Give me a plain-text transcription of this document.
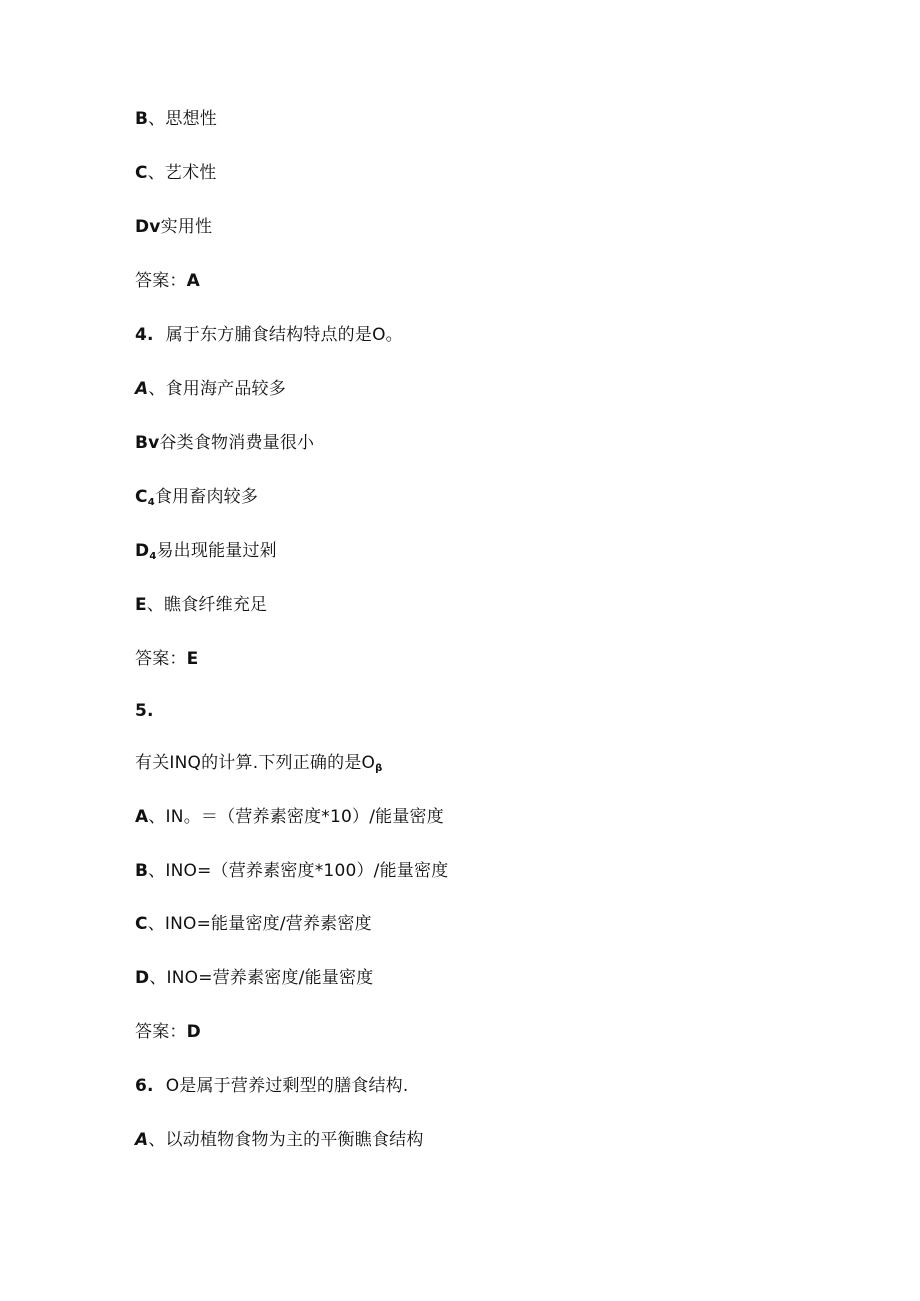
B、思想性
C、艺术性
Dv实用性
答案：A
4. 属于东方脯食结构特点的是O。
A、食用海产品较多
Bv谷类食物消费量很小
$C_4$食用畜肉较多
$D_4$易出现能量过剁
E、瞧食纤维充足
答案：E
5.
有关INQ的计算.下列正确的是$O_\beta$
A、IN。＝（营养素密度*10）/能量密度
B、INO=（营养素密度*100）/能量密度
C、INO=能量密度/营养素密度
D、INO=营养素密度/能量密度
答案：D
6. O是属于营养过剩型的膳食结构.
A、以动植物食物为主的平衡瞧食结构
